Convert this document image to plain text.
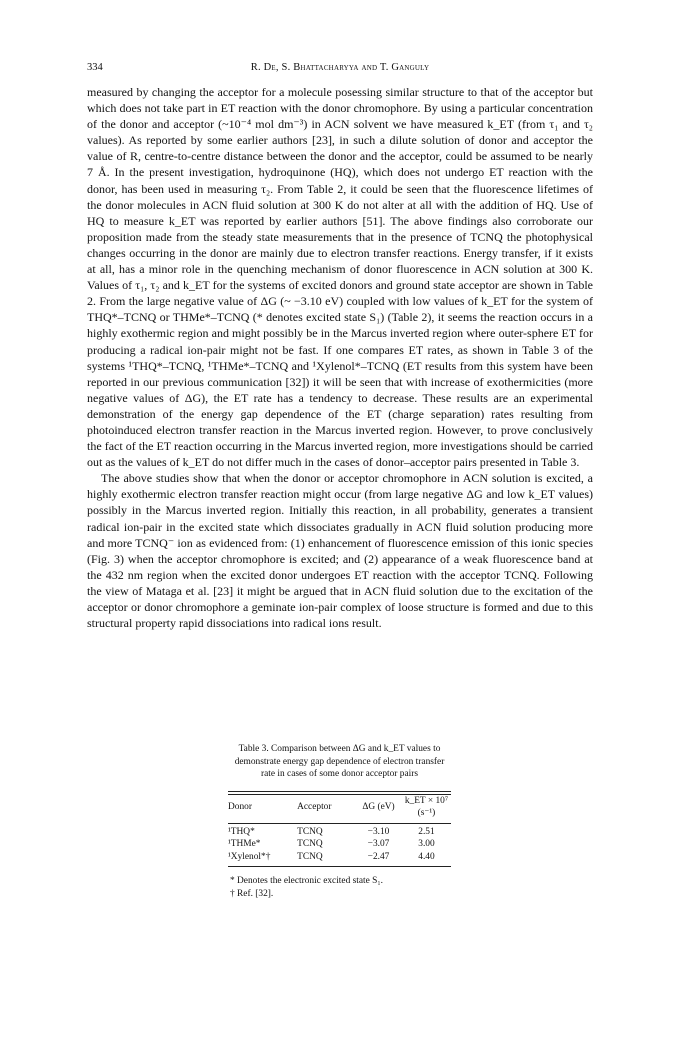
334	R. De, S. Bhattacharyya and T. Ganguly

measured by changing the acceptor for a molecule posessing similar structure to that of the acceptor but which does not take part in ET reaction with the donor chromophore. By using a particular concentration of the donor and acceptor (~10⁻⁴ mol dm⁻³) in ACN solvent we have measured k_ET (from τ₁ and τ₂ values). As reported by some earlier authors [23], in such a dilute solution of donor and acceptor the value of R, centre-to-centre distance between the donor and the acceptor, could be assumed to be nearly 7 Å. In the present investigation, hydroquinone (HQ), which does not undergo ET reaction with the donor, has been used in measuring τ₂. From Table 2, it could be seen that the fluorescence lifetimes of the donor molecules in ACN fluid solution at 300 K do not alter at all with the addition of HQ. Use of HQ to measure k_ET was reported by earlier authors [51]. The above findings also corroborate our proposition made from the steady state measurements that in the presence of TCNQ the photophysical changes occurring in the donor are mainly due to electron transfer reactions. Energy transfer, if it exists at all, has a minor role in the quenching mechanism of donor fluorescence in ACN solution at 300 K. Values of τ₁, τ₂ and k_ET for the systems of excited donors and ground state acceptor are shown in Table 2. From the large negative value of ΔG (~ −3.10 eV) coupled with low values of k_ET for the system of THQ*–TCNQ or THMe*–TCNQ (* denotes excited state S₁) (Table 2), it seems the reaction occurs in a highly exothermic region and might possibly be in the Marcus inverted region where outer-sphere ET for producing a radical ion-pair might not be fast. If one compares ET rates, as shown in Table 3 of the systems ¹THQ*–TCNQ, ¹THMe*–TCNQ and ¹Xylenol*–TCNQ (ET results from this system have been reported in our previous communication [32]) it will be seen that with increase of exothermicities (more negative values of ΔG), the ET rate has a tendency to decrease. These results are an experimental demonstration of the energy gap dependence of the ET (charge separation) rates resulting from photoinduced electron transfer reaction in the Marcus inverted region. However, to prove conclusively the fact of the ET reaction occurring in the Marcus inverted region, more investigations should be carried out as the values of k_ET do not differ much in the cases of donor–acceptor pairs presented in Table 3.

The above studies show that when the donor or acceptor chromophore in ACN solution is excited, a highly exothermic electron transfer reaction might occur (from large negative ΔG and low k_ET values) possibly in the Marcus inverted region. Initially this reaction, in all probability, generates a transient radical ion-pair in the excited state which dissociates gradually in ACN fluid solution producing more and more TCNQ⁻ ion as evidenced from: (1) enhancement of fluorescence emission of this ionic species (Fig. 3) when the acceptor chromophore is excited; and (2) appearance of a weak fluorescence band at the 432 nm region when the excited donor undergoes ET reaction with the acceptor TCNQ. Following the view of Mataga et al. [23] it might be argued that in ACN fluid solution due to the excitation of the acceptor or donor chromophore a geminate ion-pair complex of loose structure is formed and due to this structural property rapid dissociations into radical ions result.

Table 3. Comparison between ΔG and k_ET values to demonstrate energy gap dependence of electron transfer rate in cases of some donor acceptor pairs
Donor	Acceptor	ΔG (eV)	k_ET × 10⁷ (s⁻¹)
¹THQ*	TCNQ	−3.10	2.51
¹THMe*	TCNQ	−3.07	3.00
¹Xylenol*†	TCNQ	−2.47	4.40
* Denotes the electronic excited state S₁.
† Ref. [32].
